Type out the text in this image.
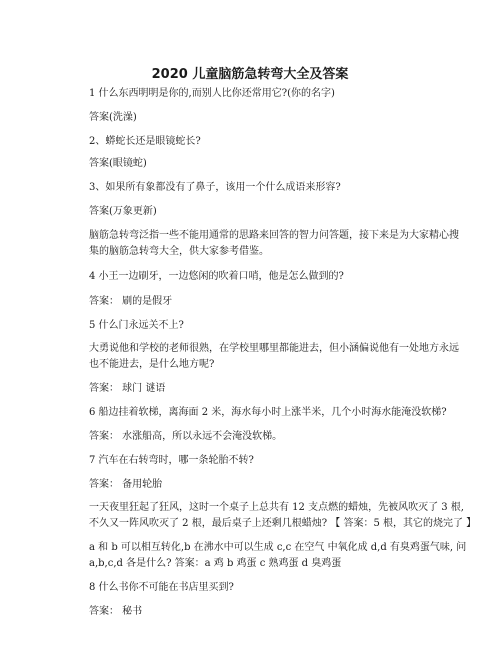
2020 儿童脑筋急转弯大全及答案
1 什么东西明明是你的,而别人比你还常用它?(你的名字)
答案(洗澡)
2、蟒蛇长还是眼镜蛇长?
答案(眼镜蛇)
3、如果所有象都没有了鼻子，该用一个什么成语来形容?
答案(万象更新)
脑筋急转弯泛指一些不能用通常的思路来回答的智力问答题，接下来是为大家精心搜
集的脑筋急转弯大全，供大家参考借鉴。
4 小王一边刷牙，一边悠闲的吹着口哨，他是怎么做到的?
答案： 刷的是假牙
5 什么门永远关不上?
大勇说他和学校的老师很熟，在学校里哪里都能进去，但小涵偏说他有一处地方永远
也不能进去，是什么地方呢?
答案： 球门 谜语
6 船边挂着软梯，离海面 2 米，海水每小时上涨半米，几个小时海水能淹没软梯?
答案： 水涨船高，所以永远不会淹没软梯。
7 汽车在右转弯时，哪一条轮胎不转?
答案： 备用轮胎
一天夜里狂起了狂风，这时一个桌子上总共有 12 支点燃的蜡烛，先被风吹灭了 3 根,
不久又一阵风吹灭了 2 根，最后桌子上还剩几根蜡烛? 【 答案：5 根，其它的烧完了 】
a 和 b 可以相互转化,b 在沸水中可以生成 c,c 在空气 中氧化成 d,d 有臭鸡蛋气味, 问
a,b,c,d 各是什么? 答案：a 鸡 b 鸡蛋 c 熟鸡蛋 d 臭鸡蛋
8 什么书你不可能在书店里买到?
答案： 秘书
